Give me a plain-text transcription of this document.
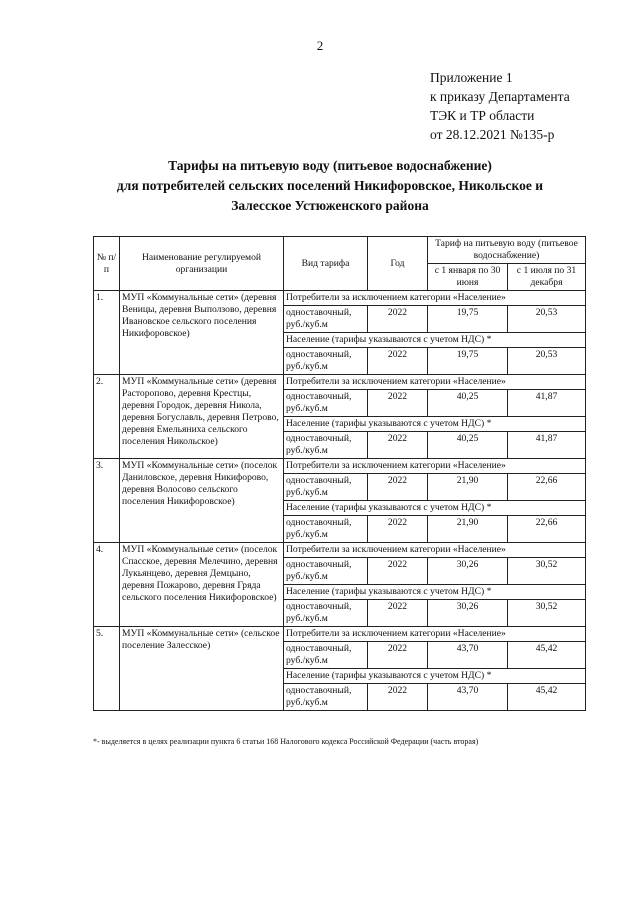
2
Приложение 1
к приказу Департамента
ТЭК и ТР области
от 28.12.2021 №135-р
Тарифы на питьевую воду (питьевое водоснабжение)
для потребителей сельских поселений Никифоровское, Никольское и
Залесское Устюженского района
№ п/п	Наименование регулируемой организации	Вид тарифа	Год	Тариф на питьевую воду (питьевое водоснабжение)	
				с 1 января по 30 июня	с 1 июля по 31 декабря
1.	МУП «Коммунальные сети» (деревня Веницы, деревня Выползово, деревня Ивановское сельского поселения Никифоровское)	Потребители за исключением категории «Население»			
		одноставочный, руб./куб.м	2022	19,75	20,53
		Население (тарифы указываются с учетом НДС) *			
		одноставочный, руб./куб.м	2022	19,75	20,53
2.	МУП «Коммунальные сети» (деревня Расторопово, деревня Крестцы, деревня Городок, деревня Никола, деревня Богуславль, деревня Петрово, деревня Емельяниха сельского поселения Никольское)	Потребители за исключением категории «Население»			
		одноставочный, руб./куб.м	2022	40,25	41,87
		Население (тарифы указываются с учетом НДС) *			
		одноставочный, руб./куб.м	2022	40,25	41,87
3.	МУП «Коммунальные сети» (поселок Даниловское, деревня Никифорово, деревня Волосово сельского поселения Никифоровское)	Потребители за исключением категории «Население»			
		одноставочный, руб./куб.м	2022	21,90	22,66
		Население (тарифы указываются с учетом НДС) *			
		одноставочный, руб./куб.м	2022	21,90	22,66
4.	МУП «Коммунальные сети» (поселок Спасское, деревня Мелечино, деревня Лукьянцево, деревня Демцыно, деревня Пожарово, деревня Гряда сельского поселения Никифоровское)	Потребители за исключением категории «Население»			
		одноставочный, руб./куб.м	2022	30,26	30,52
		Население (тарифы указываются с учетом НДС) *			
		одноставочный, руб./куб.м	2022	30,26	30,52
5.	МУП «Коммунальные сети» (сельское поселение Залесское)	Потребители за исключением категории «Население»			
		одноставочный, руб./куб.м	2022	43,70	45,42
		Население (тарифы указываются с учетом НДС) *			
		одноставочный, руб./куб.м	2022	43,70	45,42
*- выделяется в целях реализации пункта 6 статьи 168 Налогового кодекса Российской Федерации (часть вторая)
